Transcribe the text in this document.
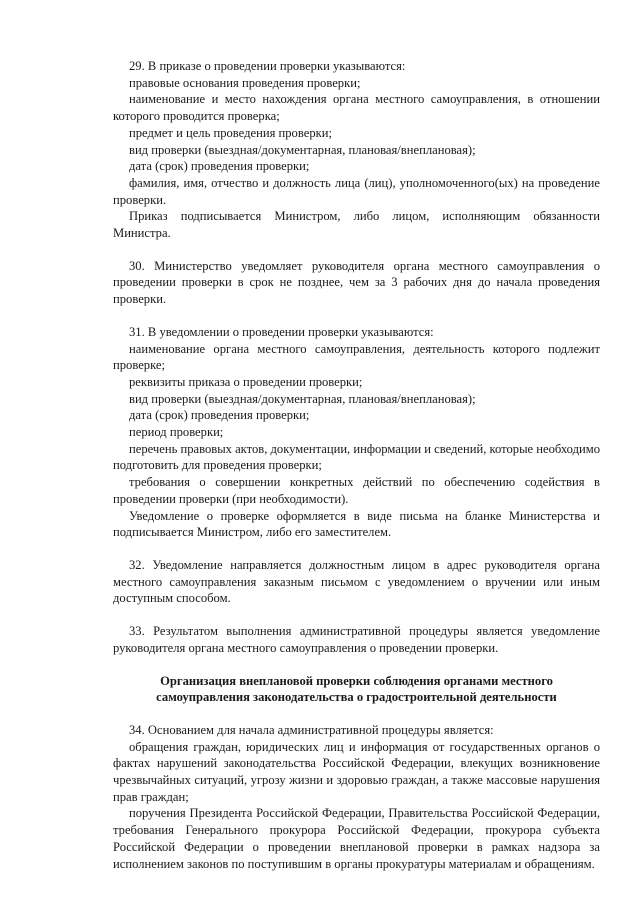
29. В приказе о проведении проверки указываются:

правовые основания проведения проверки;

наименование и место нахождения органа местного самоуправления, в отношении которого проводится проверка;

предмет и цель проведения проверки;

вид проверки (выездная/документарная, плановая/внеплановая);

дата (срок) проведения проверки;

фамилия, имя, отчество и должность лица (лиц), уполномоченного(ых) на проведение проверки.

Приказ подписывается Министром, либо лицом, исполняющим обязанности Министра.

30. Министерство уведомляет руководителя органа местного самоуправления о проведении проверки в срок не позднее, чем за 3 рабочих дня до начала проведения проверки.

31. В уведомлении о проведении проверки указываются:

наименование органа местного самоуправления, деятельность которого подлежит проверке;

реквизиты приказа о проведении проверки;

вид проверки (выездная/документарная, плановая/внеплановая);

дата (срок) проведения проверки;

период проверки;

перечень правовых актов, документации, информации и сведений, которые необходимо подготовить для проведения проверки;

требования о совершении конкретных действий по обеспечению содействия в проведении проверки (при необходимости).

Уведомление о проверке оформляется в виде письма на бланке Министерства и подписывается Министром, либо его заместителем.

32. Уведомление направляется должностным лицом в адрес руководителя органа местного самоуправления заказным письмом с уведомлением о вручении или иным доступным способом.

33. Результатом выполнения административной процедуры является уведомление руководителя органа местного самоуправления о проведении проверки.

Организация внеплановой проверки соблюдения органами местного самоуправления законодательства о градостроительной деятельности

34. Основанием для начала административной процедуры является:

обращения граждан, юридических лиц и информация от государственных органов о фактах нарушений законодательства Российской Федерации, влекущих возникновение чрезвычайных ситуаций, угрозу жизни и здоровью граждан, а также массовые нарушения прав граждан;

поручения Президента Российской Федерации, Правительства Российской Федерации, требования Генерального прокурора Российской Федерации, прокурора субъекта Российской Федерации о проведении внеплановой проверки в рамках надзора за исполнением законов по поступившим в органы прокуратуры материалам и обращениям.
